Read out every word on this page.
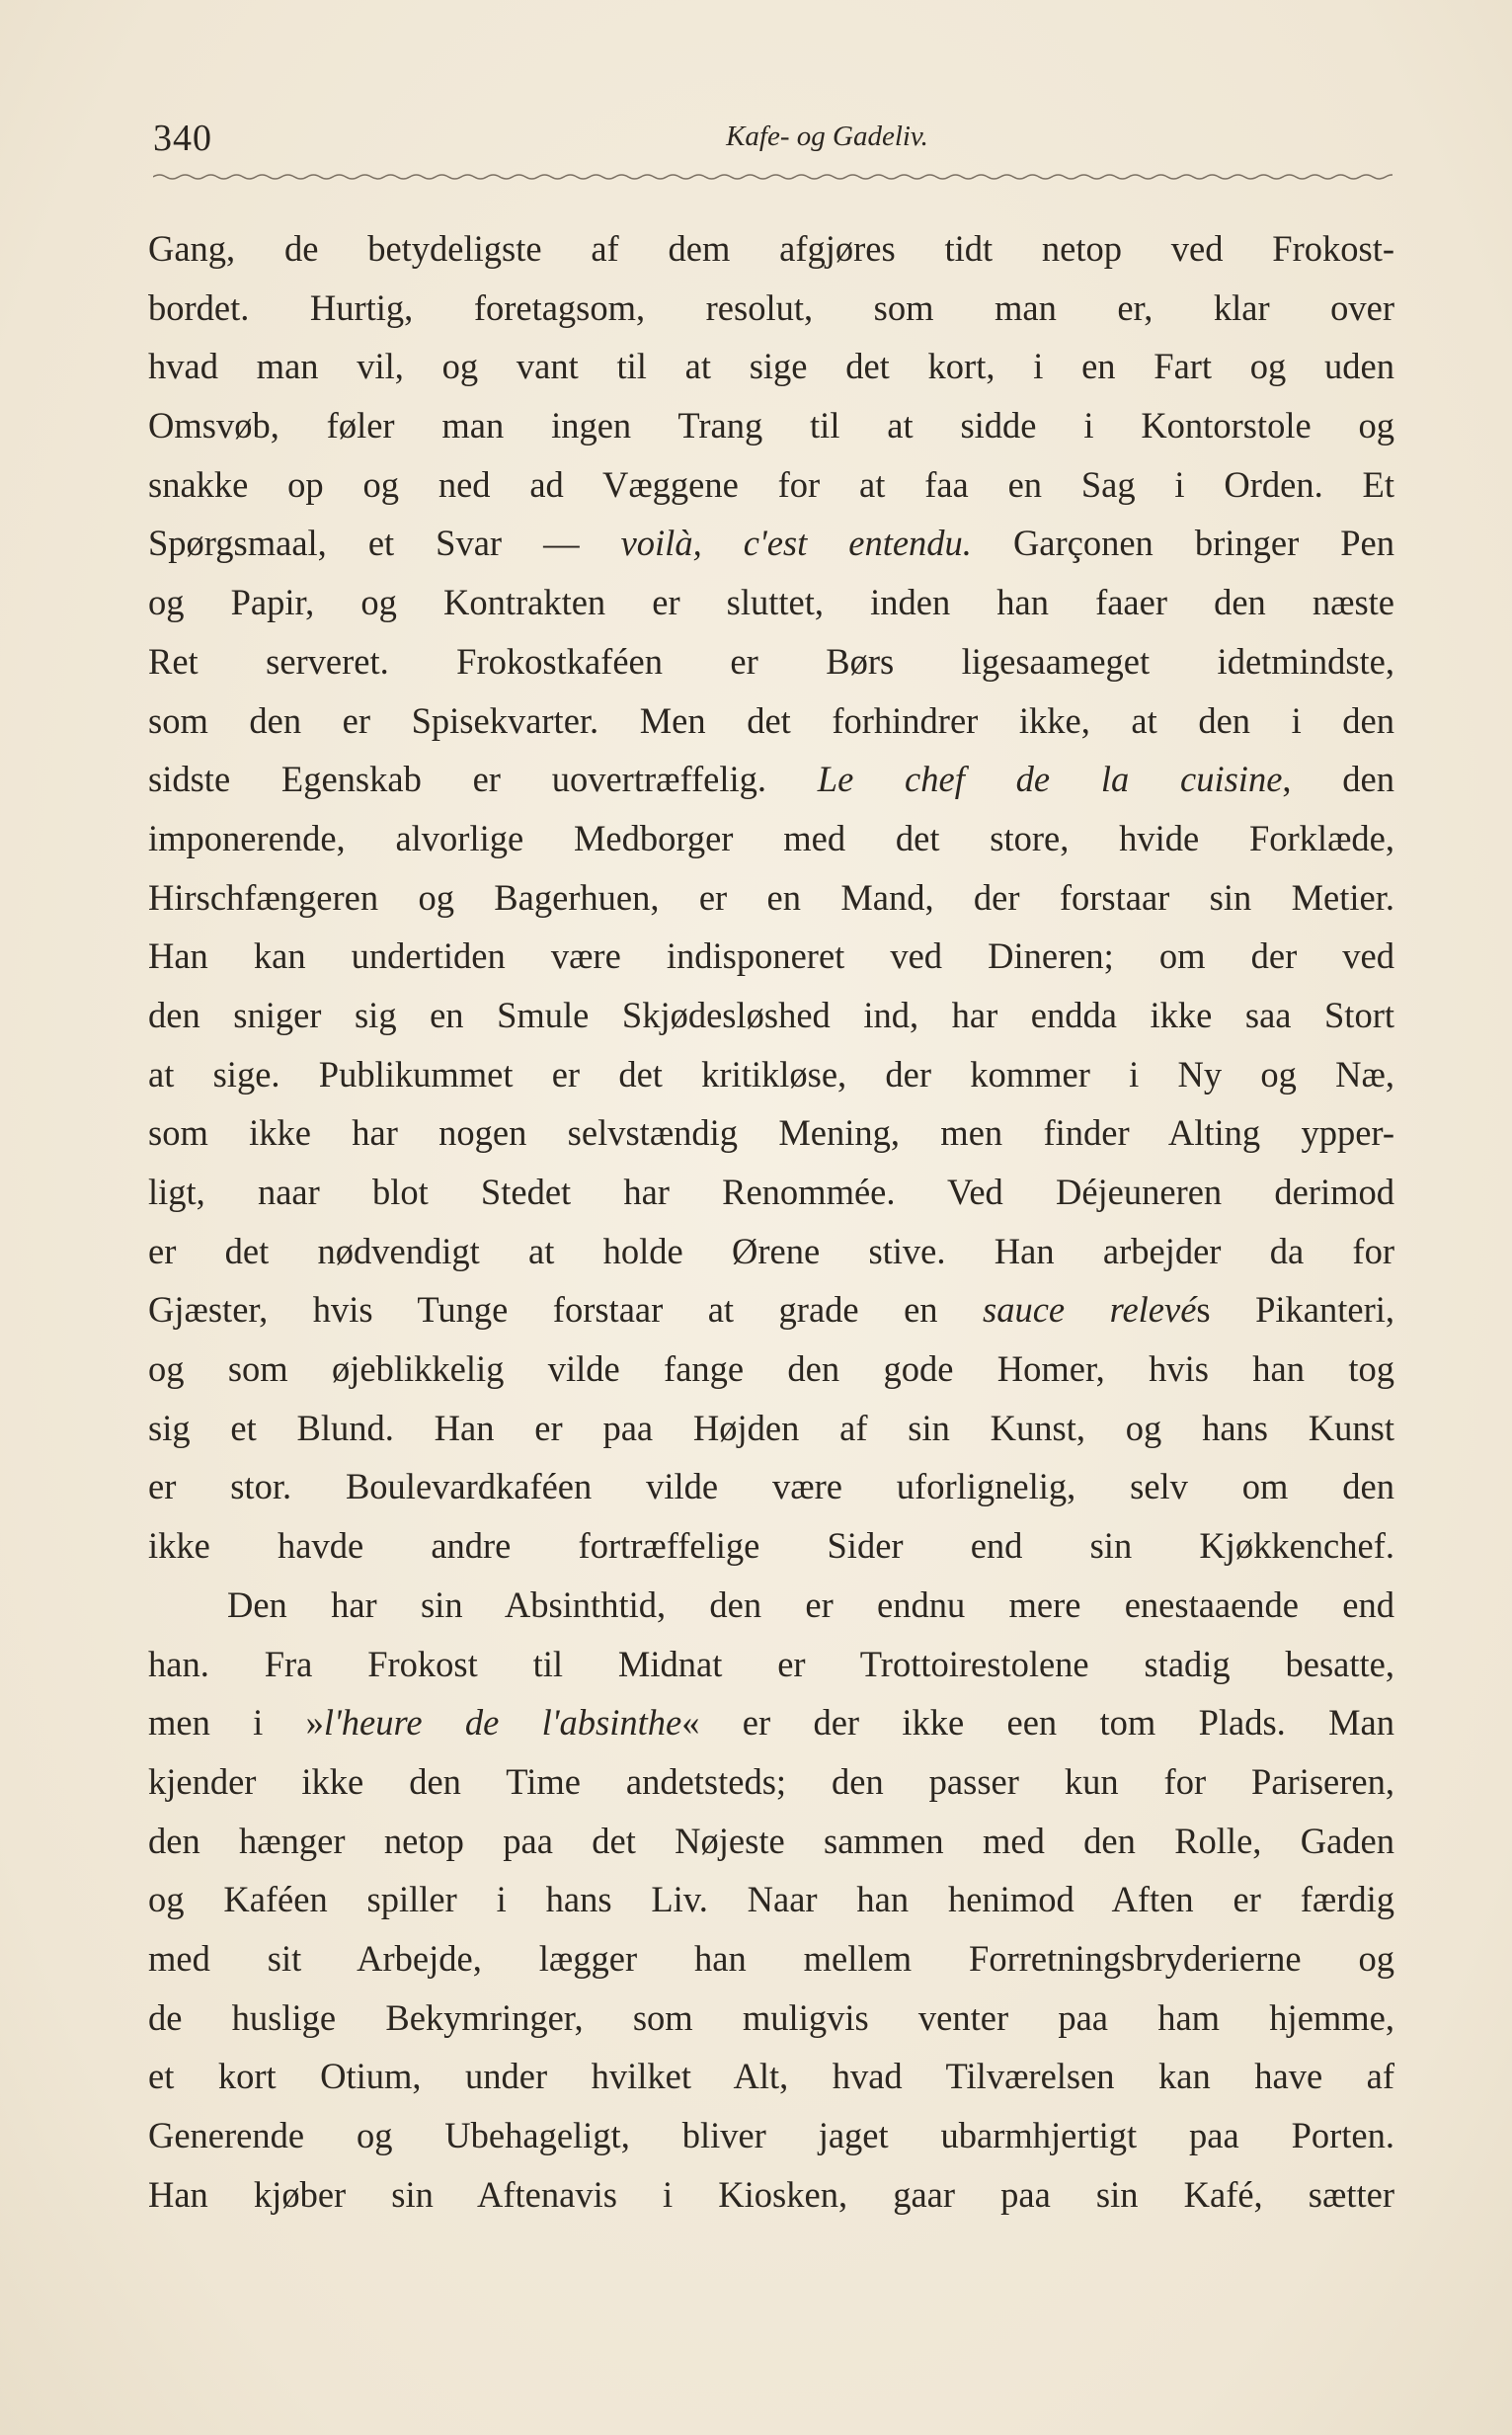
340	Kafe- og Gadeliv.
Gang, de betydeligste af dem afgjøres tidt netop ved Frokost-
bordet. Hurtig, foretagsom, resolut, som man er, klar over
hvad man vil, og vant til at sige det kort, i en Fart og uden
Omsvøb, føler man ingen Trang til at sidde i Kontorstole og
snakke op og ned ad Væggene for at faa en Sag i Orden. Et
Spørgsmaal, et Svar — voilà, c'est entendu. Garçonen bringer Pen
og Papir, og Kontrakten er sluttet, inden han faaer den næste
Ret serveret. Frokostkaféen er Børs ligesaameget idetmindste,
som den er Spisekvarter. Men det forhindrer ikke, at den i den
sidste Egenskab er uovertræffelig. Le chef de la cuisine, den
imponerende, alvorlige Medborger med det store, hvide Forklæde,
Hirschfængeren og Bagerhuen, er en Mand, der forstaar sin Metier.
Han kan undertiden være indisponeret ved Dineren; om der ved
den sniger sig en Smule Skjødesløshed ind, har endda ikke saa Stort
at sige. Publikummet er det kritikløse, der kommer i Ny og Næ,
som ikke har nogen selvstændig Mening, men finder Alting ypper-
ligt, naar blot Stedet har Renommée. Ved Déjeuneren derimod
er det nødvendigt at holde Ørene stive. Han arbejder da for
Gjæster, hvis Tunge forstaar at grade en sauce relevés Pikanteri,
og som øjeblikkelig vilde fange den gode Homer, hvis han tog
sig et Blund. Han er paa Højden af sin Kunst, og hans Kunst
er stor. Boulevardkaféen vilde være uforlignelig, selv om den
ikke havde andre fortræffelige Sider end sin Kjøkkenchef.
Den har sin Absinthtid, den er endnu mere enestaaende end
han. Fra Frokost til Midnat er Trottoirestolene stadig besatte,
men i »l'heure de l'absinthe« er der ikke een tom Plads. Man
kjender ikke den Time andetsteds; den passer kun for Pariseren,
den hænger netop paa det Nøjeste sammen med den Rolle, Gaden
og Kaféen spiller i hans Liv. Naar han henimod Aften er færdig
med sit Arbejde, lægger han mellem Forretningsbryderierne og
de huslige Bekymringer, som muligvis venter paa ham hjemme,
et kort Otium, under hvilket Alt, hvad Tilværelsen kan have af
Generende og Ubehageligt, bliver jaget ubarmhjertigt paa Porten.
Han kjøber sin Aftenavis i Kiosken, gaar paa sin Kafé, sætter
